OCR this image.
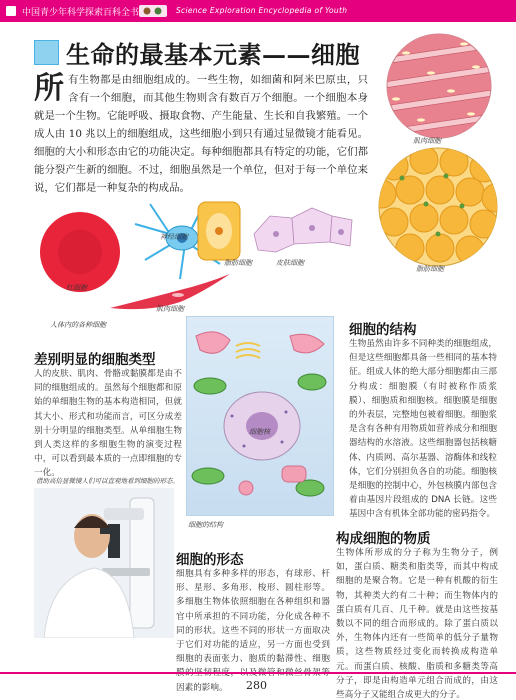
中国青少年科学探索百科全书	Science Exploration Encyclopedia of Youth
生命的最基本元素——细胞
所有生物都是由细胞组成的。一些生物，如细菌和阿米巴原虫，只含有一个细胞，而其他生物则含有数百万个细胞。一个细胞本身就是一个生物。它能呼吸、摄取食物、产生能量、生长和自我繁殖。一个成人由 10 兆以上的细胞组成，这些细胞小到只有通过显微镜才能看见。细胞的大小和形态由它的功能决定。每种细胞都具有特定的功能，它们都能分裂产生新的细胞。不过，细胞虽然是一个单位，但对于每一个单位来说，它们都是一种复杂的构成品。
肌肉细胞
脂肪细胞
红细胞
神经细胞
脂肪细胞	皮肤细胞
肌肉细胞
人体内的各种细胞
差别明显的细胞类型
人的皮肤、肌肉、骨骼或黏膜都是由不同的细胞组成的。虽然每个细胞都和原始的单细胞生物的基本构造相同，但就其大小、形式和功能而言，可区分成差别十分明显的细胞类型。从单细胞生物到人类这样的多细胞生物的演变过程中，可以看到最本质的一点即细胞的专一化。
细胞核
细胞的结构
细胞的结构
生物虽然由许多不同种类的细胞组成，但是这些细胞都具备一些相同的基本特征。组成人体的绝大部分细胞都由三部分构成：细胞膜（有时被称作质浆膜）、细胞质和细胞核。细胞膜是细胞的外表层，完整地包被着细胞。细胞浆是含有各种有用物质如营养成分和细胞器结构的水溶液。这些细胞器包括核糖体、内质网、高尔基器、溶酶体和线粒体，它们分别担负各自的功能。细胞核是细胞的控制中心，外包核膜内部包含着由基因片段组成的 DNA 长链。这些基因中含有机体全部功能的密码指令。
借助高倍显微镜人们可以直观地看到细胞的形态。
细胞的形态
细胞具有多种多样的形态，有球形、杆形、星形、多角形、梭形、圆柱形等。多细胞生物体依照细胞在各种组织和器官中所承担的不同功能，分化成各种不同的形状。这些不同的形状一方面取决于它们对功能的适应，另一方面也受到细胞的表面张力、胞质的黏滞性、细胞 因素的影响。
构成细胞的物质
生物体所形成的分子称为生物分子，例如，蛋白质、糖类和脂类等，而其中构成细胞的是聚合物。它是一种有机酸的衍生物，其种类大约有二十种；而生物体内的蛋白质有几百、几千种。就是由这些按基数以不同的组合而形成的。除了蛋白质以外，生物体内还有一些简单的低分子量物质，这些物质经过变化而转换成构造单元。而蛋白质、核酸、脂质和多糖类等高分子，即是由构造单元组合而成的，由这些高分子又能组合成更大的分子。
280
